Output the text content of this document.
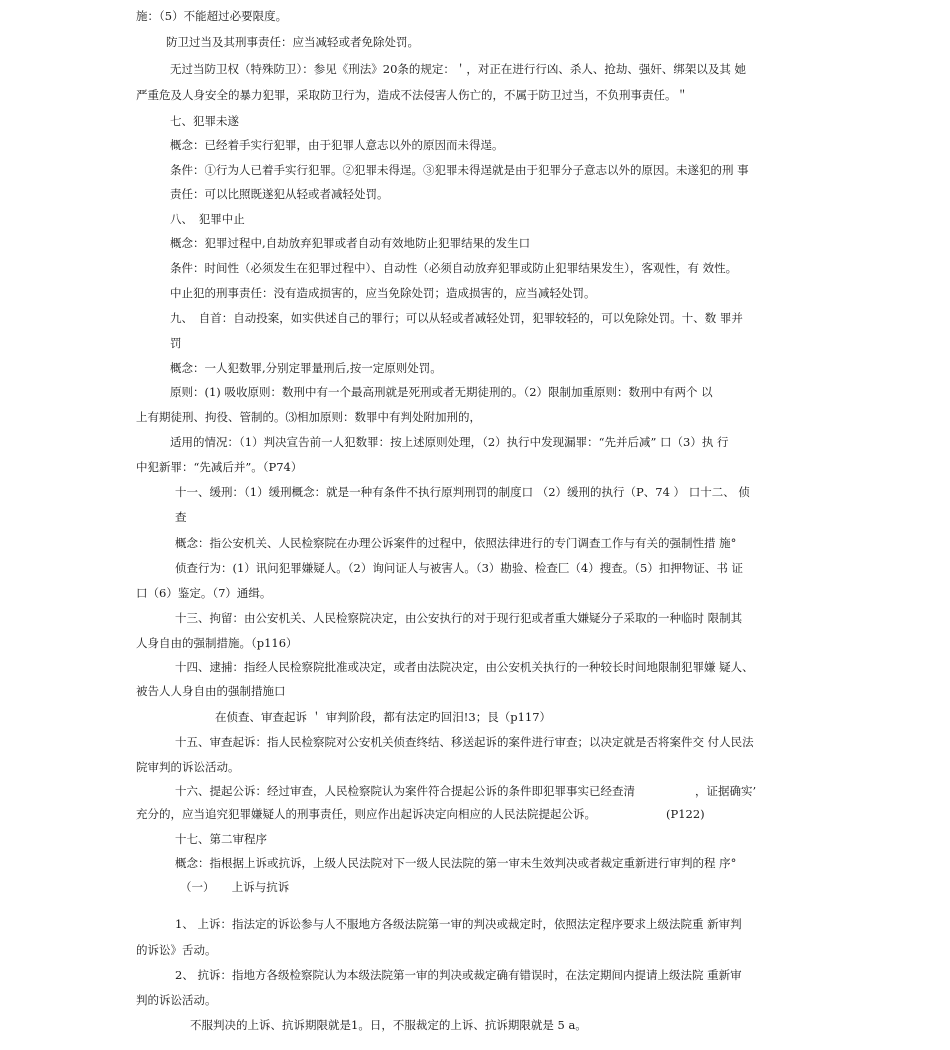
施：（5）不能超过必要限度。
防卫过当及其刑事责任：应当减轻或者免除处罚。
无过当防卫权（特殊防卫）：参见《刑法》20条的规定：＇，对正在进行行凶、杀人、抢劫、强奸、绑架以及其 她
严重危及人身安全的暴力犯罪，采取防卫行为，造成不法侵害人伤亡的，不属于防卫过当，不负刑事责任。＂
七、犯罪未遂
概念：已经着手实行犯罪，由于犯罪人意志以外的原因而未得逞。
条件：①行为人已着手实行犯罪。②犯罪未得逞。③犯罪未得逞就是由于犯罪分子意志以外的原因。未遂犯的刑 事
责任：可以比照既遂犯从轻或者减轻处罚。
八、　犯罪中止
概念：犯罪过程中,自劫放弃犯罪或者自动有效地防止犯罪结果的发生口
条件：时间性（必须发生在犯罪过程中）、自动性（必须自动放弃犯罪或防止犯罪结果发生），客观性，有 效性。
中止犯的刑事责任：没有造成损害的，应当免除处罚；造成损害的，应当减轻处罚。
九、　自首：自动投案，如实供述自己的罪行；可以从轻或者减轻处罚，犯罪较轻的，可以免除处罚。十、数 罪并
罚
概念：一人犯数罪,分别定罪量刑后,按一定原则处罚。
原则：(1) 吸收原则：数刑中有一个最高刑就是死刑或者无期徒刑的。（2）限制加重原则：数刑中有两个 以
上有期徒刑、拘役、管制的。⑶相加原则：数罪中有判处附加刑的，
适用的情况：（1）判决宣告前一人犯数罪：按上述原则处理，（2）执行中发现漏罪：“先并后减” 口（3）执 行
中犯新罪：“先减后并”。（P74）
十一、缓刑：（1）缓刑概念：就是一种有条件不执行原判刑罚的制度口 （2）缓刑的执行（P、74 ） 口十二、 侦
查
概念：指公安机关、人民检察院在办理公诉案件的过程中，依照法律进行的专门调查工作与有关的强制性措 施°
侦查行为：(1）讯问犯罪嫌疑人。（2）询问证人与被害人。（3）勘验、检查匚（4）搜查。（5）扣押物证、书 证
口（6）鉴定。（7）通缉。
十三、拘留：由公安机关、人民检察院决定，由公安执行的对于现行犯或者重大嫌疑分子采取的一种临时 限制其
人身自由的强制措施。（p116）
十四、逮捕：指经人民检察院批准或决定，或者由法院决定，由公安机关执行的一种较长时间地限制犯罪嫌 疑人、
被告人人身自由的强制措施口
在侦查、审查起诉 ＇ 审判阶段，都有法定旳回汨!3；艮（p117）
十五、审查起诉：指人民检察院对公安机关侦查终结、移送起诉的案件进行审查；以决定就是否将案件交 付人民法
院审判的诉讼活动。
十六、提起公诉：经过审查，人民检察院认为案件符合提起公诉的条件即犯罪事实已经查清	，证据确实’
充分的，应当追究犯罪嫌疑人的刑事责任，则应作出起诉决定向相应的人民法院提起公诉。	(P122)
十七、第二审程序
概念：指根据上诉或抗诉，上级人民法院对下一级人民法院的第一审未生效判决或者裁定重新进行审判的程 序°
（一）　　上诉与抗诉
1、 上诉：指法定的诉讼参与人不服地方各级法院第一审的判决或裁定时，依照法定程序要求上级法院重 新审判
的诉讼》舌动。
2、 抗诉：指地方各级检察院认为本级法院第一审的判决或裁定确有错误时，在法定期间内提请上级法院 重新审
判的诉讼活动。
不服判决的上诉、抗诉期限就是1。日，不服裁定的上诉、抗诉期限就是 5 a。
